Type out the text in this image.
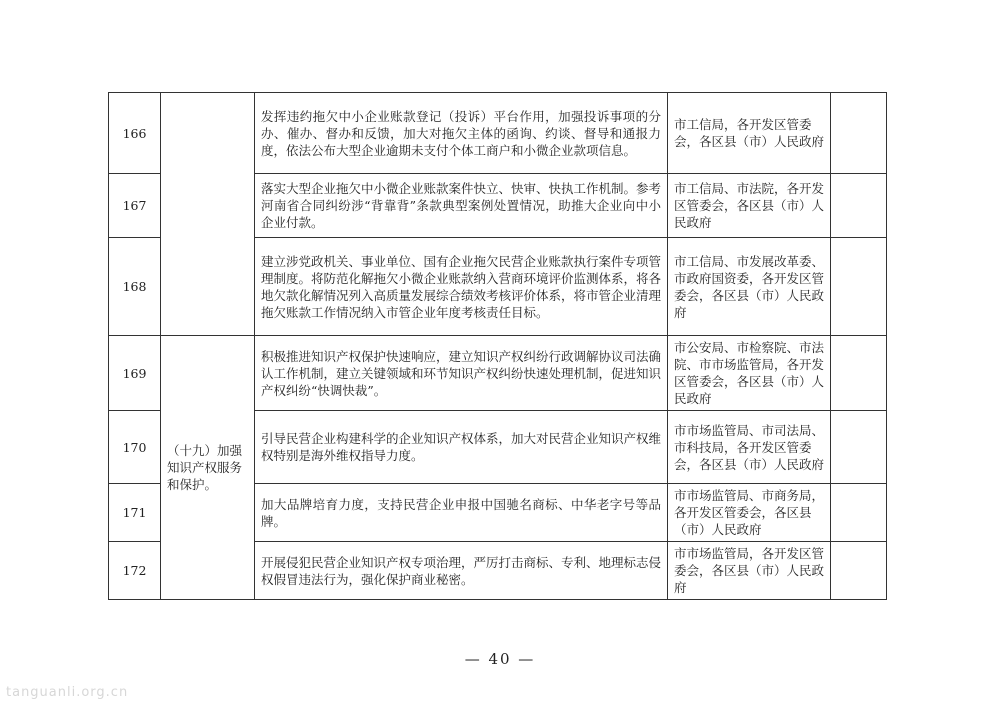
166		发挥违约拖欠中小企业账款登记（投诉）平台作用，加强投诉事项的分办、催办、督办和反馈，加大对拖欠主体的函询、约谈、督导和通报力度，依法公布大型企业逾期未支付个体工商户和小微企业款项信息。	市工信局，各开发区管委会，各区县（市）人民政府	
167		落实大型企业拖欠中小微企业账款案件快立、快审、快执工作机制。参考河南省合同纠纷涉“背靠背”条款典型案例处置情况，助推大企业向中小企业付款。	市工信局、市法院，各开发区管委会，各区县（市）人民政府	
168		建立涉党政机关、事业单位、国有企业拖欠民营企业账款执行案件专项管理制度。将防范化解拖欠小微企业账款纳入营商环境评价监测体系，将各地欠款化解情况列入高质量发展综合绩效考核评价体系，将市管企业清理拖欠账款工作情况纳入市管企业年度考核责任目标。	市工信局、市发展改革委、市政府国资委，各开发区管委会，各区县（市）人民政府	
169	（十九）加强知识产权服务和保护。	积极推进知识产权保护快速响应，建立知识产权纠纷行政调解协议司法确认工作机制，建立关键领域和环节知识产权纠纷快速处理机制，促进知识产权纠纷“快调快裁”。	市公安局、市检察院、市法院、市市场监管局，各开发区管委会，各区县（市）人民政府	
170		引导民营企业构建科学的企业知识产权体系，加大对民营企业知识产权维权特别是海外维权指导力度。	市市场监管局、市司法局、市科技局，各开发区管委会，各区县（市）人民政府	
171		加大品牌培育力度，支持民营企业申报中国驰名商标、中华老字号等品牌。	市市场监管局、市商务局，各开发区管委会，各区县（市）人民政府	
172		开展侵犯民营企业知识产权专项治理，严厉打击商标、专利、地理标志侵权假冒违法行为，强化保护商业秘密。	市市场监管局，各开发区管委会，各区县（市）人民政府	
— 40 —
tanguanli.org.cn
